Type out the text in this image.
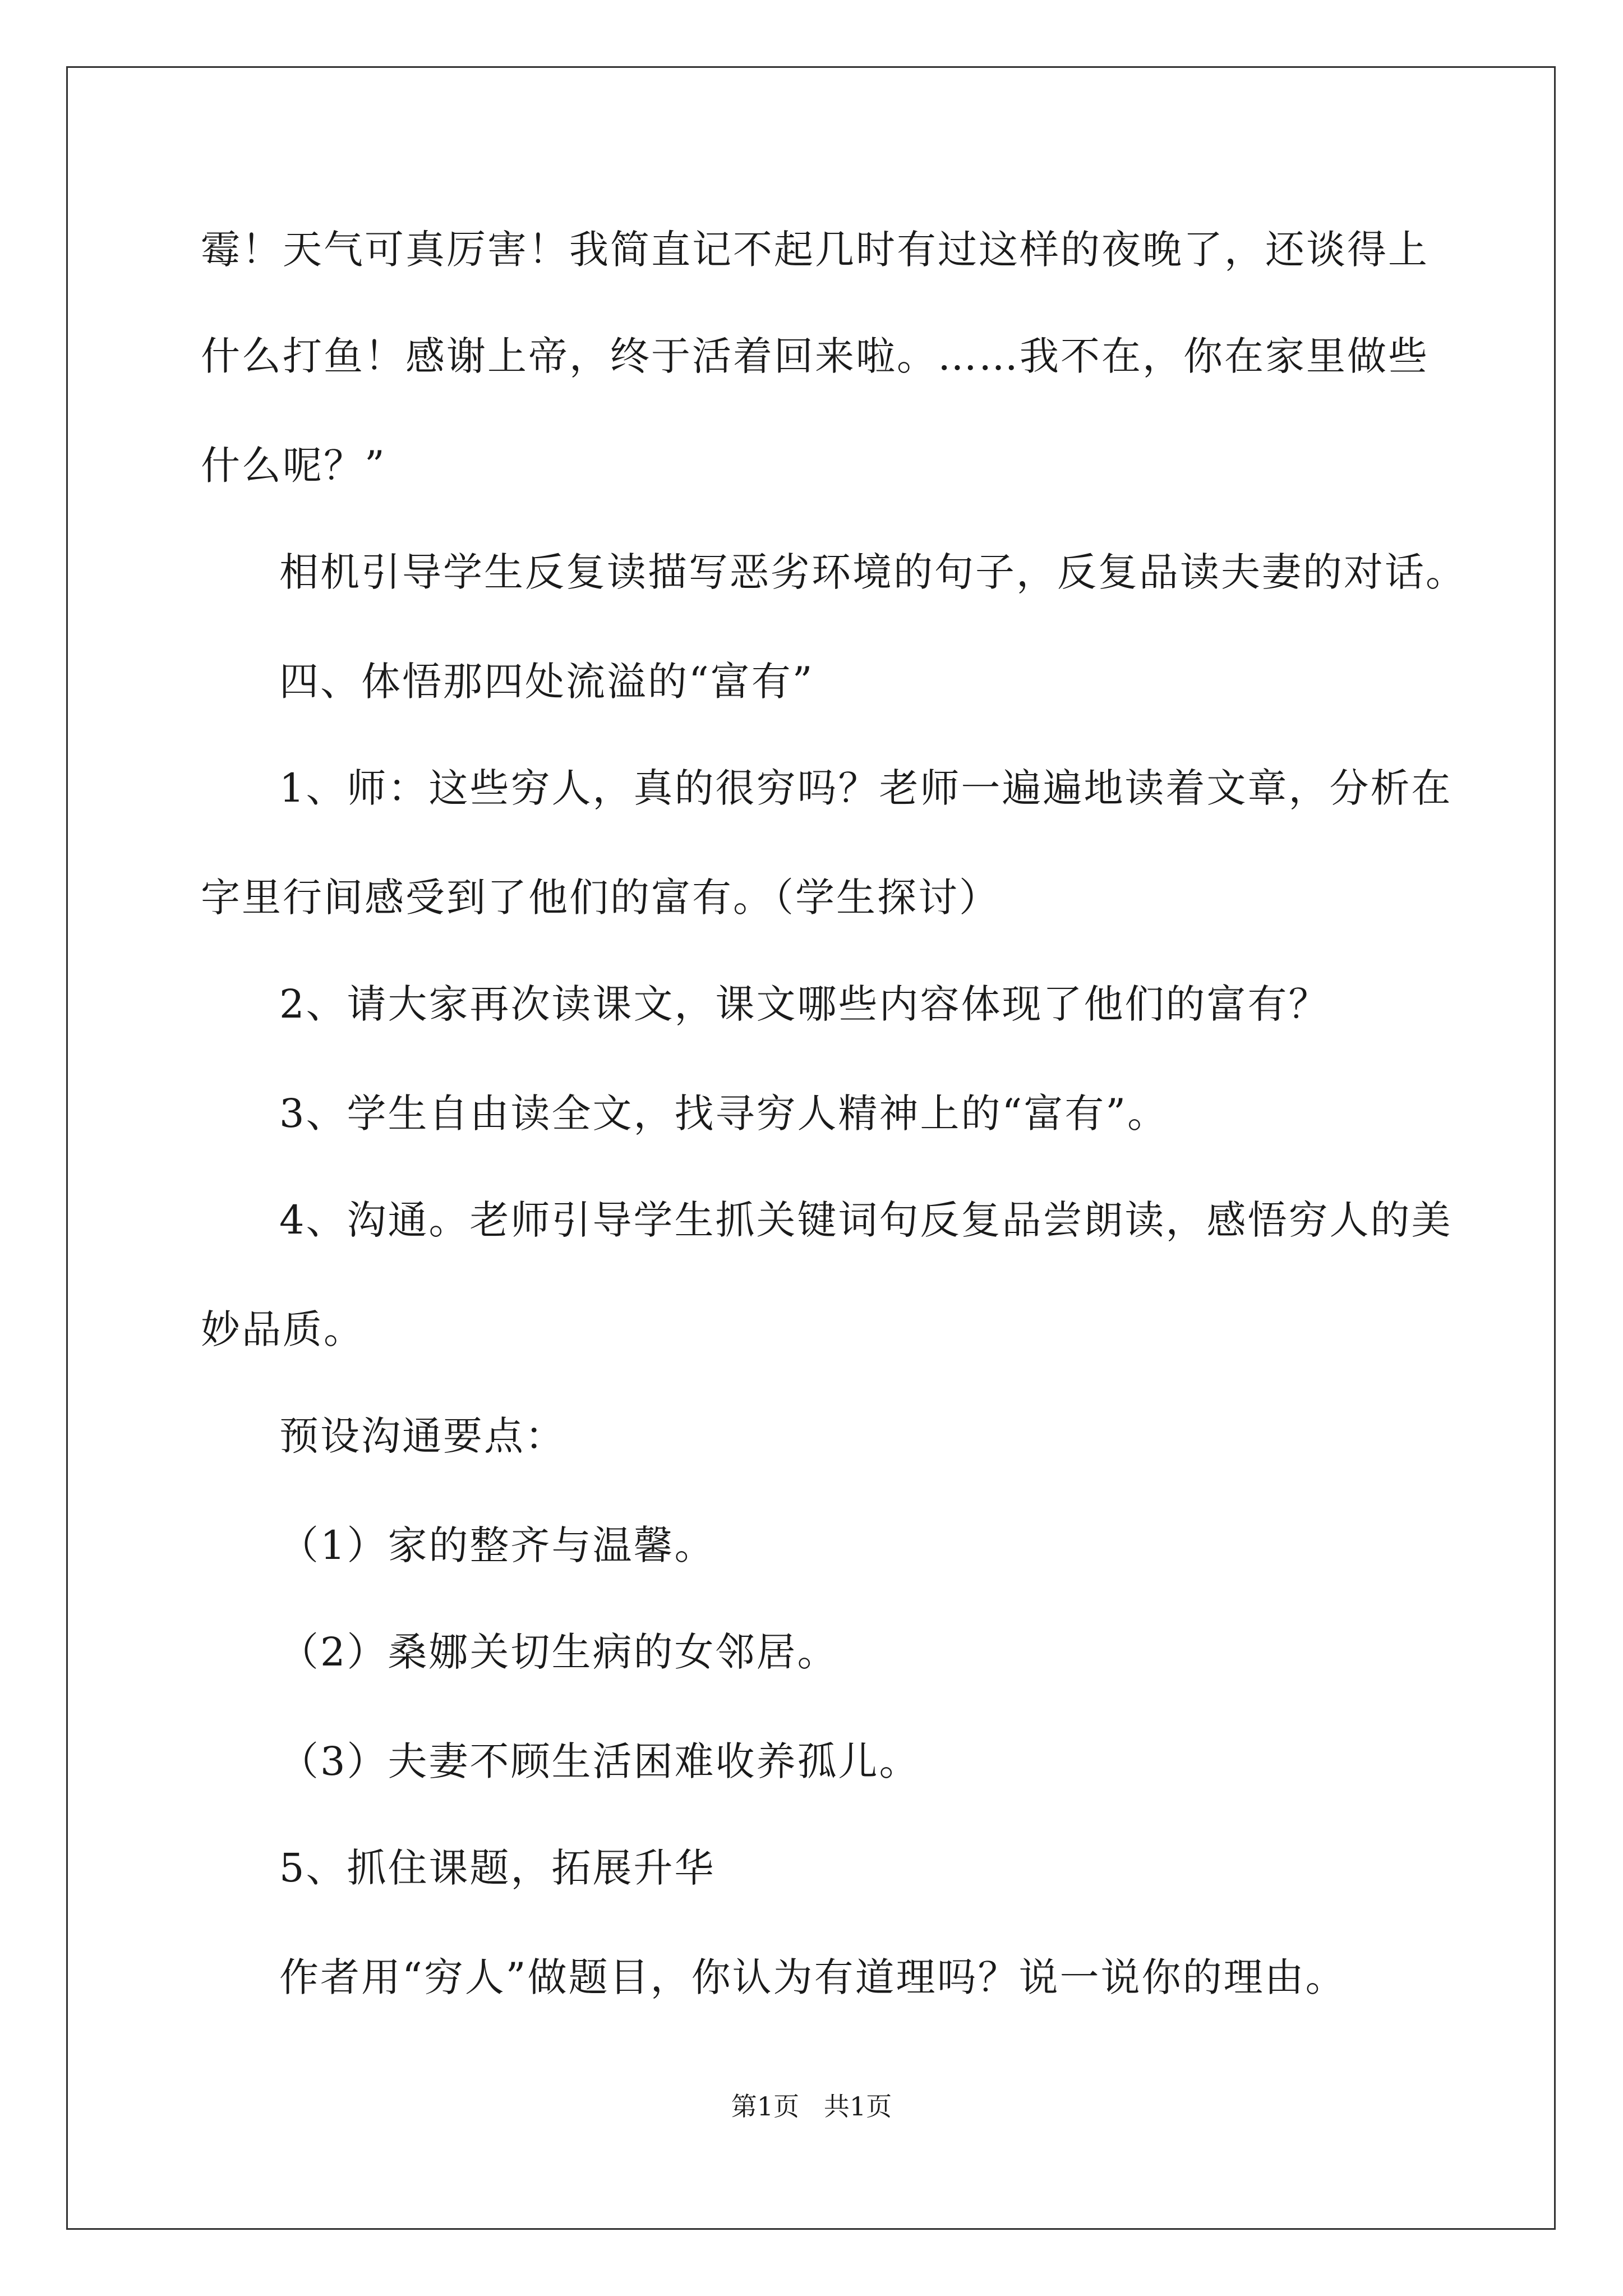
霉！天气可真厉害！我简直记不起几时有过这样的夜晚了，还谈得上
什么打鱼！感谢上帝，终于活着回来啦。……我不在，你在家里做些
什么呢？”
相机引导学生反复读描写恶劣环境的句子，反复品读夫妻的对话。
四、体悟那四处流溢的“富有”
1、师：这些穷人，真的很穷吗？老师一遍遍地读着文章，分析在
字里行间感受到了他们的富有。（学生探讨）
2、请大家再次读课文，课文哪些内容体现了他们的富有？
3、学生自由读全文，找寻穷人精神上的“富有”。
4、沟通。老师引导学生抓关键词句反复品尝朗读，感悟穷人的美
妙品质。
预设沟通要点：
（1）家的整齐与温馨。
（2）桑娜关切生病的女邻居。
（3）夫妻不顾生活困难收养孤儿。
5、抓住课题，拓展升华
作者用“穷人”做题目，你认为有道理吗？说一说你的理由。
第1页   共1页
